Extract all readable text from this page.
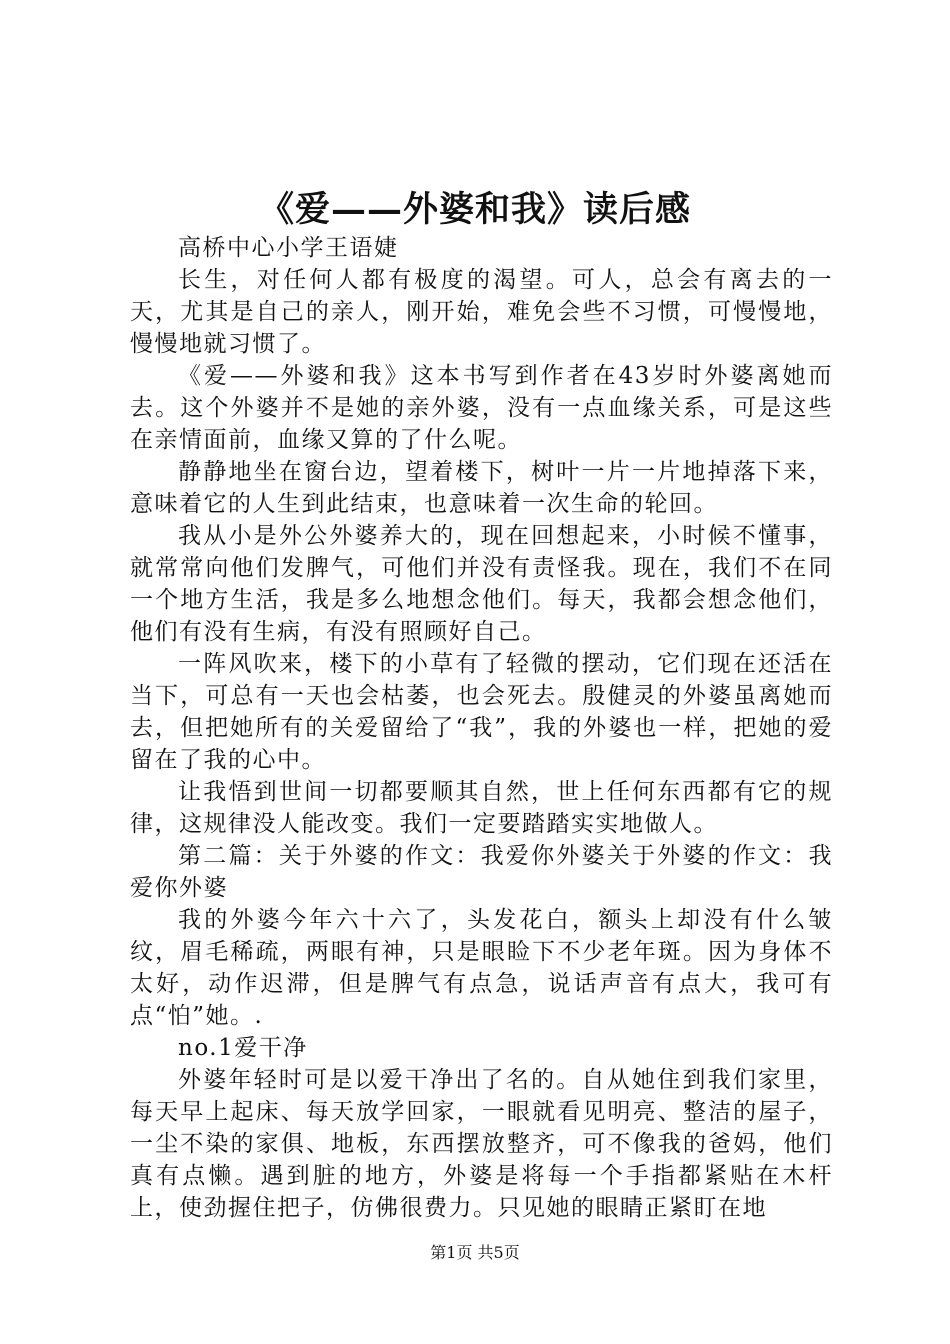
《爱——外婆和我》读后感

高桥中心小学王语婕

长生，对任何人都有极度的渴望。可人，总会有离去的一天，尤其是自己的亲人，刚开始，难免会些不习惯，可慢慢地，慢慢地就习惯了。

《爱——外婆和我》这本书写到作者在43岁时外婆离她而去。这个外婆并不是她的亲外婆，没有一点血缘关系，可是这些在亲情面前，血缘又算的了什么呢。

静静地坐在窗台边，望着楼下，树叶一片一片地掉落下来，意味着它的人生到此结束，也意味着一次生命的轮回。

我从小是外公外婆养大的，现在回想起来，小时候不懂事，就常常向他们发脾气，可他们并没有责怪我。现在，我们不在同一个地方生活，我是多么地想念他们。每天，我都会想念他们，他们有没有生病，有没有照顾好自己。

一阵风吹来，楼下的小草有了轻微的摆动，它们现在还活在当下，可总有一天也会枯萎，也会死去。殷健灵的外婆虽离她而去，但把她所有的关爱留给了“我”，我的外婆也一样，把她的爱留在了我的心中。

让我悟到世间一切都要顺其自然，世上任何东西都有它的规律，这规律没人能改变。我们一定要踏踏实实地做人。

第二篇：关于外婆的作文：我爱你外婆关于外婆的作文：我爱你外婆

我的外婆今年六十六了，头发花白，额头上却没有什么皱纹，眉毛稀疏，两眼有神，只是眼睑下不少老年斑。因为身体不太好，动作迟滞，但是脾气有点急，说话声音有点大，我可有点“怕”她。.

no.1爱干净

外婆年轻时可是以爱干净出了名的。自从她住到我们家里，每天早上起床、每天放学回家，一眼就看见明亮、整洁的屋子，一尘不染的家俱、地板，东西摆放整齐，可不像我的爸妈，他们真有点懒。遇到脏的地方，外婆是将每一个手指都紧贴在木杆上，使劲握住把子，仿佛很费力。只见她的眼睛正紧盯在地

第1页 共5页
